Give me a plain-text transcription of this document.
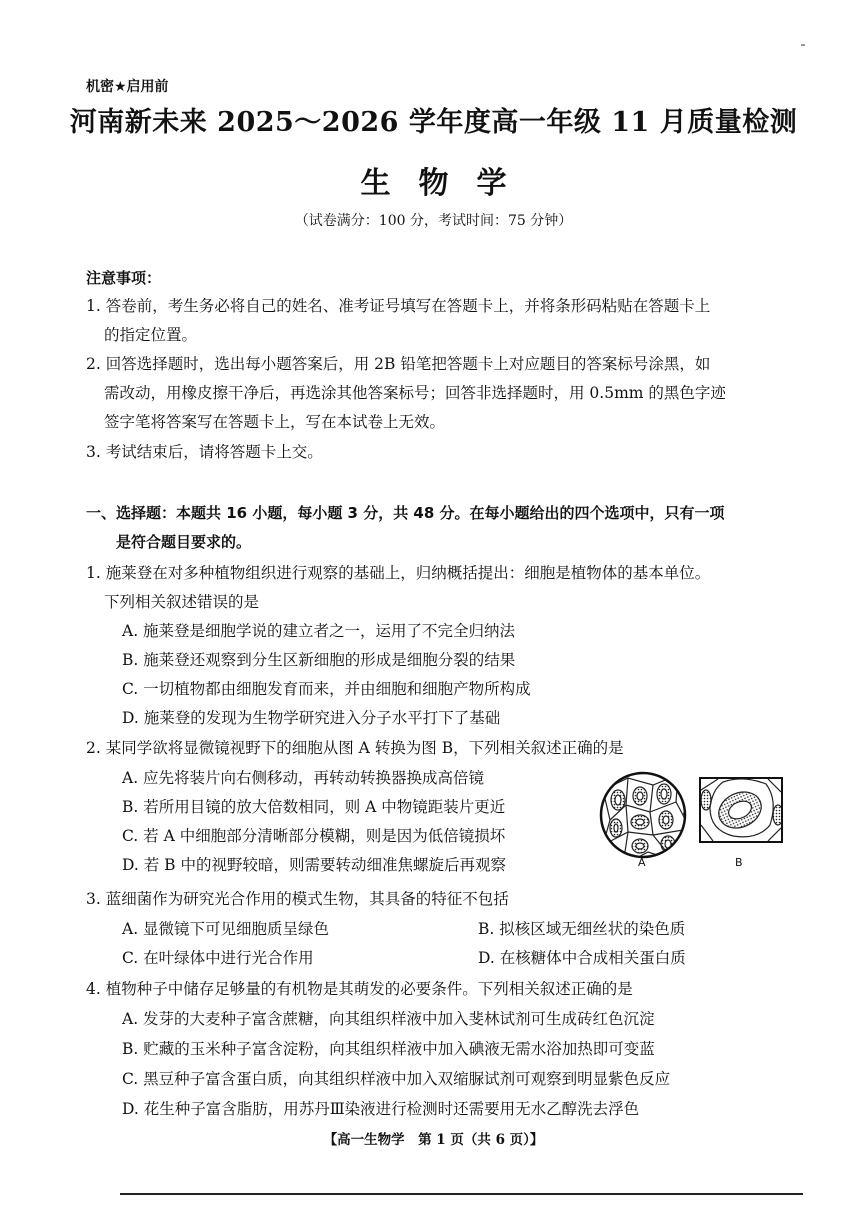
机密★启用前
河南新未来 2025～2026 学年度高一年级 11 月质量检测
生物学
（试卷满分：100 分，考试时间：75 分钟）
注意事项：
1. 答卷前，考生务必将自己的姓名、准考证号填写在答题卡上，并将条形码粘贴在答题卡上
的指定位置。
2. 回答选择题时，选出每小题答案后，用 2B 铅笔把答题卡上对应题目的答案标号涂黑，如
需改动，用橡皮擦干净后，再选涂其他答案标号；回答非选择题时，用 0.5mm 的黑色字迹
签字笔将答案写在答题卡上，写在本试卷上无效。
3. 考试结束后，请将答题卡上交。
一、选择题：本题共 16 小题，每小题 3 分，共 48 分。在每小题给出的四个选项中，只有一项
是符合题目要求的。
1. 施莱登在对多种植物组织进行观察的基础上，归纳概括提出：细胞是植物体的基本单位。
下列相关叙述错误的是
A. 施莱登是细胞学说的建立者之一，运用了不完全归纳法
B. 施莱登还观察到分生区新细胞的形成是细胞分裂的结果
C. 一切植物都由细胞发育而来，并由细胞和细胞产物所构成
D. 施莱登的发现为生物学研究进入分子水平打下了基础
2. 某同学欲将显微镜视野下的细胞从图 A 转换为图 B，下列相关叙述正确的是
A. 应先将装片向右侧移动，再转动转换器换成高倍镜
B. 若所用目镜的放大倍数相同，则 A 中物镜距装片更近
C. 若 A 中细胞部分清晰部分模糊，则是因为低倍镜损坏
D. 若 B 中的视野较暗，则需要转动细准焦螺旋后再观察	A	B
3. 蓝细菌作为研究光合作用的模式生物，其具备的特征不包括
A. 显微镜下可见细胞质呈绿色	B. 拟核区域无细丝状的染色质
C. 在叶绿体中进行光合作用	D. 在核糖体中合成相关蛋白质
4. 植物种子中储存足够量的有机物是其萌发的必要条件。下列相关叙述正确的是
A. 发芽的大麦种子富含蔗糖，向其组织样液中加入斐林试剂可生成砖红色沉淀
B. 贮藏的玉米种子富含淀粉，向其组织样液中加入碘液无需水浴加热即可变蓝
C. 黑豆种子富含蛋白质，向其组织样液中加入双缩脲试剂可观察到明显紫色反应
D. 花生种子富含脂肪，用苏丹Ⅲ染液进行检测时还需要用无水乙醇洗去浮色
【高一生物学　第 1 页（共 6 页）】
